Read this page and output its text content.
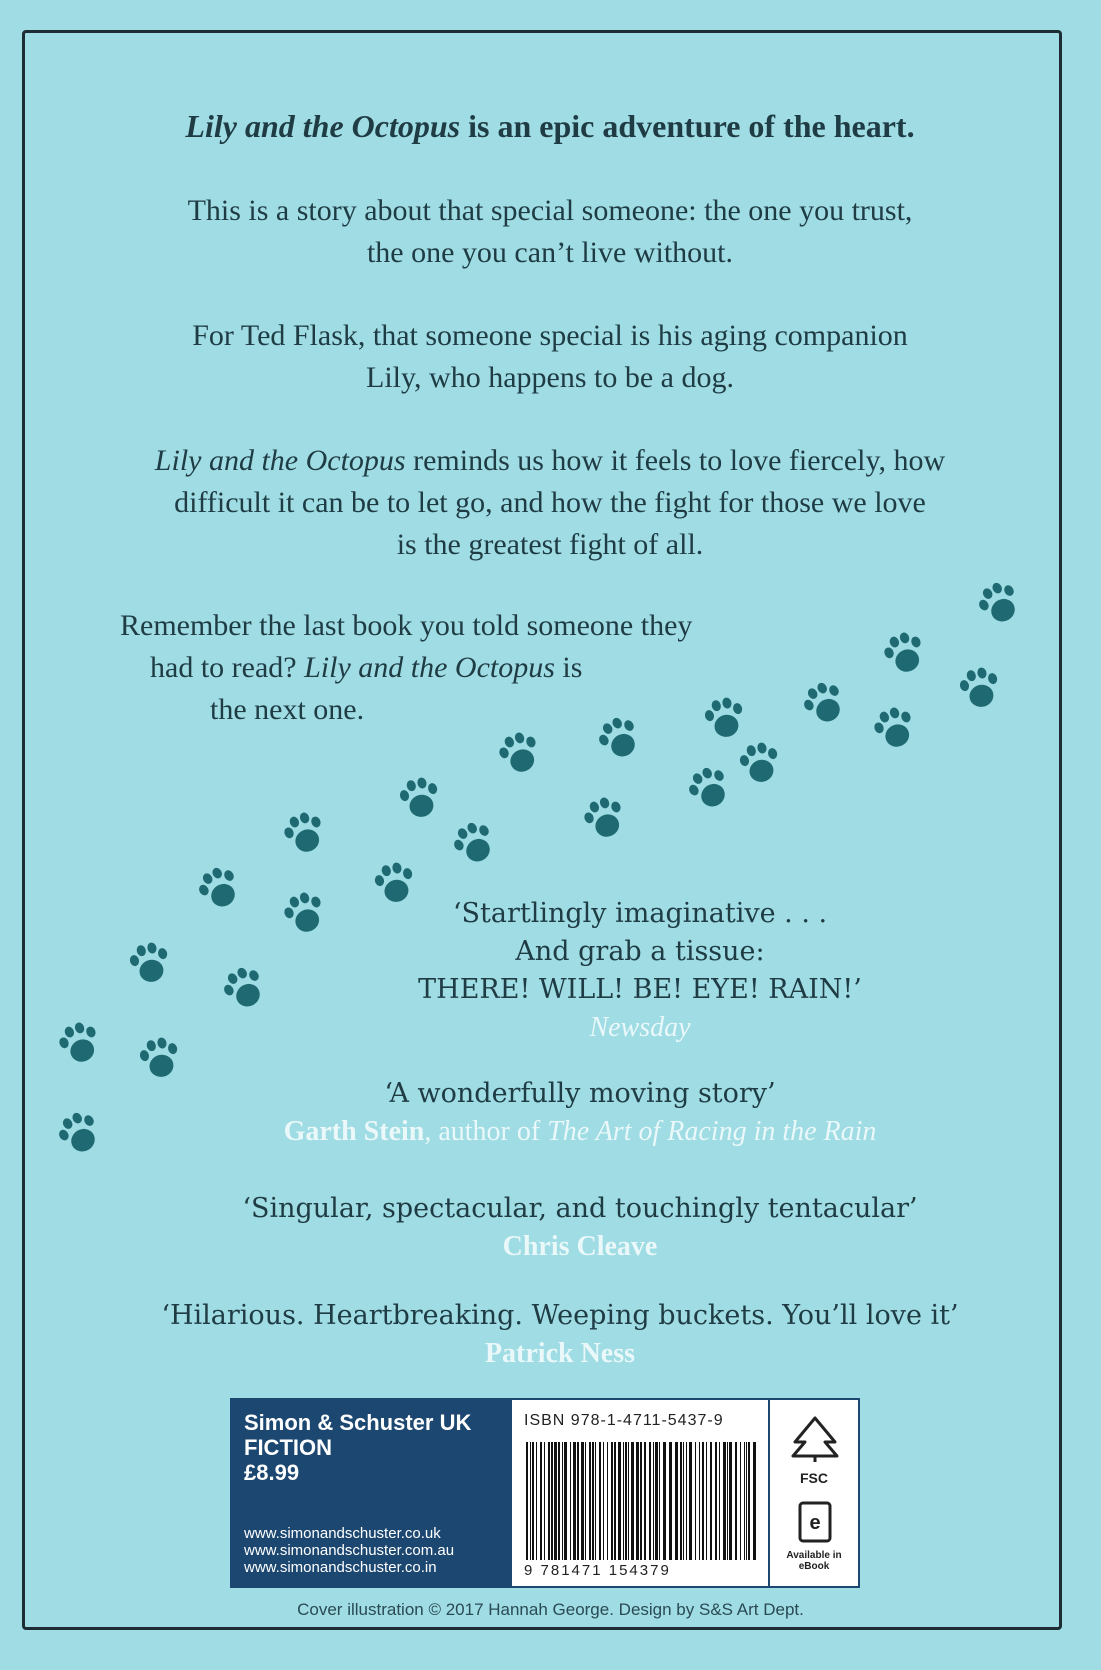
Lily and the Octopus is an epic adventure of the heart.
This is a story about that special someone: the one you trust,
the one you can’t live without.
For Ted Flask, that someone special is his aging companion
Lily, who happens to be a dog.
Lily and the Octopus reminds us how it feels to love fiercely, how
difficult it can be to let go, and how the fight for those we love
is the greatest fight of all.
Remember the last book you told someone they
had to read? Lily and the Octopus is
the next one.
‘Startlingly imaginative . . .
And grab a tissue:
THERE! WILL! BE! EYE! RAIN!’
Newsday
‘A wonderfully moving story’
Garth Stein, author of The Art of Racing in the Rain
‘Singular, spectacular, and touchingly tentacular’
Chris Cleave
‘Hilarious. Heartbreaking. Weeping buckets. You’ll love it’
Patrick Ness
Simon & Schuster UK
FICTION
£8.99
www.simonandschuster.co.uk
www.simonandschuster.com.au
www.simonandschuster.co.in
ISBN 978-1-4711-5437-9
9 781471 154379
FSC
e
Available in
eBook
Cover illustration © 2017 Hannah George. Design by S&S Art Dept.
